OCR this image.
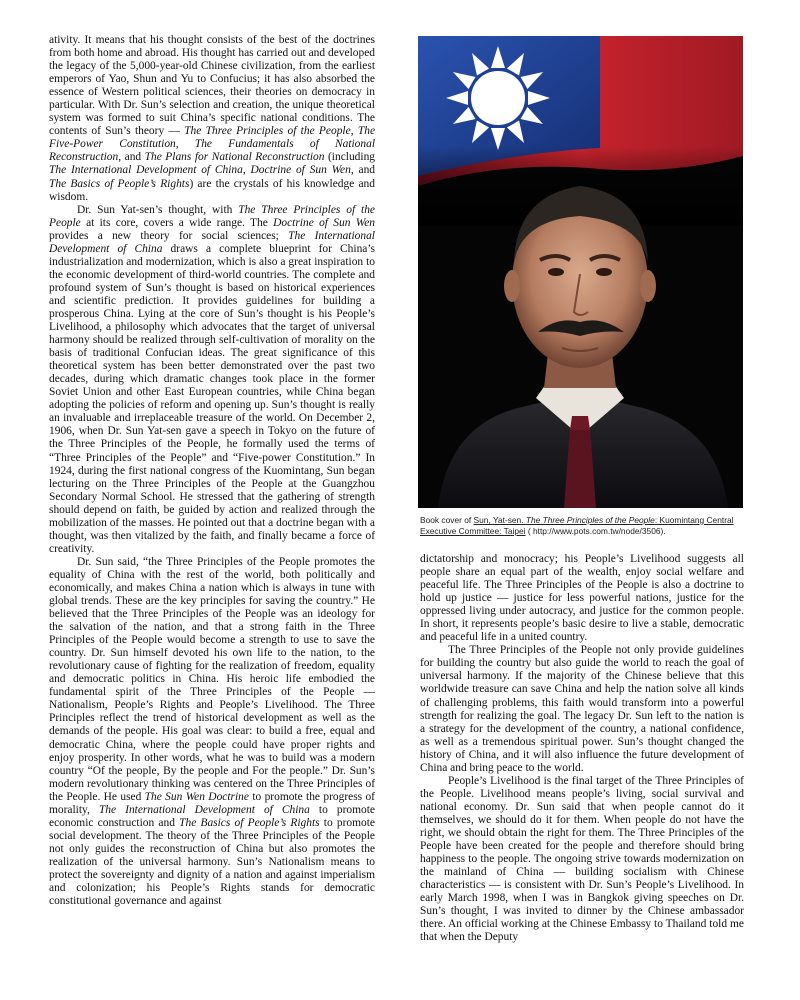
ativity. It means that his thought consists of the best of the doctrines from both home and abroad. His thought has carried out and developed the legacy of the 5,000-year-old Chinese civilization, from the earliest emperors of Yao, Shun and Yu to Confucius; it has also absorbed the essence of Western political sciences, their theories on democracy in particular. With Dr. Sun’s selection and creation, the unique theoretical system was formed to suit China’s specific national conditions. The contents of Sun’s theory — The Three Principles of the People, The Five-Power Constitution, The Fundamentals of National Reconstruction, and The Plans for National Reconstruction (including The International Development of China, Doctrine of Sun Wen, and The Basics of People’s Rights) are the crystals of his knowledge and wisdom.

Dr. Sun Yat-sen’s thought, with The Three Principles of the People at its core, covers a wide range. The Doctrine of Sun Wen provides a new theory for social sciences; The International Development of China draws a complete blueprint for China’s industrialization and modernization, which is also a great inspiration to the economic development of third-world countries. The complete and profound system of Sun’s thought is based on historical experiences and scientific prediction. It provides guidelines for building a prosperous China. Lying at the core of Sun’s thought is his People’s Livelihood, a philosophy which advocates that the target of universal harmony should be realized through self-cultivation of morality on the basis of traditional Confucian ideas. The great significance of this theoretical system has been better demonstrated over the past two decades, during which dramatic changes took place in the former Soviet Union and other East European countries, while China began adopting the policies of reform and opening up. Sun’s thought is really an invaluable and irreplaceable treasure of the world. On December 2, 1906, when Dr. Sun Yat-sen gave a speech in Tokyo on the future of the Three Principles of the People, he formally used the terms of “Three Principles of the People” and “Five-power Constitution.” In 1924, during the first national congress of the Kuomintang, Sun began lecturing on the Three Principles of the People at the Guangzhou Secondary Normal School. He stressed that the gathering of strength should depend on faith, be guided by action and realized through the mobilization of the masses. He pointed out that a doctrine began with a thought, was then vitalized by the faith, and finally became a force of creativity.

Dr. Sun said, “the Three Principles of the People promotes the equality of China with the rest of the world, both politically and economically, and makes China a nation which is always in tune with global trends. These are the key principles for saving the country.” He believed that the Three Principles of the People was an ideology for the salvation of the nation, and that a strong faith in the Three Principles of the People would become a strength to use to save the country. Dr. Sun himself devoted his own life to the nation, to the revolutionary cause of fighting for the realization of freedom, equality and democratic politics in China. His heroic life embodied the fundamental spirit of the Three Principles of the People — Nationalism, People’s Rights and People’s Livelihood. The Three Principles reflect the trend of historical development as well as the demands of the people. His goal was clear: to build a free, equal and democratic China, where the people could have proper rights and enjoy prosperity. In other words, what he was to build was a modern country “Of the people, By the people and For the people.” Dr. Sun’s modern revolutionary thinking was centered on the Three Principles of the People. He used The Sun Wen Doctrine to promote the progress of morality, The International Development of China to promote economic construction and The Basics of People’s Rights to promote social development. The theory of the Three Principles of the People not only guides the reconstruction of China but also promotes the realization of the universal harmony. Sun’s Nationalism means to protect the sovereignty and dignity of a nation and against imperialism and colonization; his People’s Rights stands for democratic constitutional governance and against

Book cover of Sun, Yat-sen. The Three Principles of the People: Kuomintang Central Executive Committee: Taipei ( http://www.pots.com.tw/node/3506).

dictatorship and monocracy; his People’s Livelihood suggests all people share an equal part of the wealth, enjoy social welfare and peaceful life. The Three Principles of the People is also a doctrine to hold up justice — justice for less powerful nations, justice for the oppressed living under autocracy, and justice for the common people. In short, it represents people’s basic desire to live a stable, democratic and peaceful life in a united country.

The Three Principles of the People not only provide guidelines for building the country but also guide the world to reach the goal of universal harmony. If the majority of the Chinese believe that this worldwide treasure can save China and help the nation solve all kinds of challenging problems, this faith would transform into a powerful strength for realizing the goal. The legacy Dr. Sun left to the nation is a strategy for the development of the country, a national confidence, as well as a tremendous spiritual power. Sun’s thought changed the history of China, and it will also influence the future development of China and bring peace to the world.

People’s Livelihood is the final target of the Three Principles of the People. Livelihood means people’s living, social survival and national economy. Dr. Sun said that when people cannot do it themselves, we should do it for them. When people do not have the right, we should obtain the right for them. The Three Principles of the People have been created for the people and therefore should bring happiness to the people. The ongoing strive towards modernization on the mainland of China — building socialism with Chinese characteristics — is consistent with Dr. Sun’s People’s Livelihood. In early March 1998, when I was in Bangkok giving speeches on Dr. Sun’s thought, I was invited to dinner by the Chinese ambassador there. An official working at the Chinese Embassy to Thailand told me that when the Deputy
